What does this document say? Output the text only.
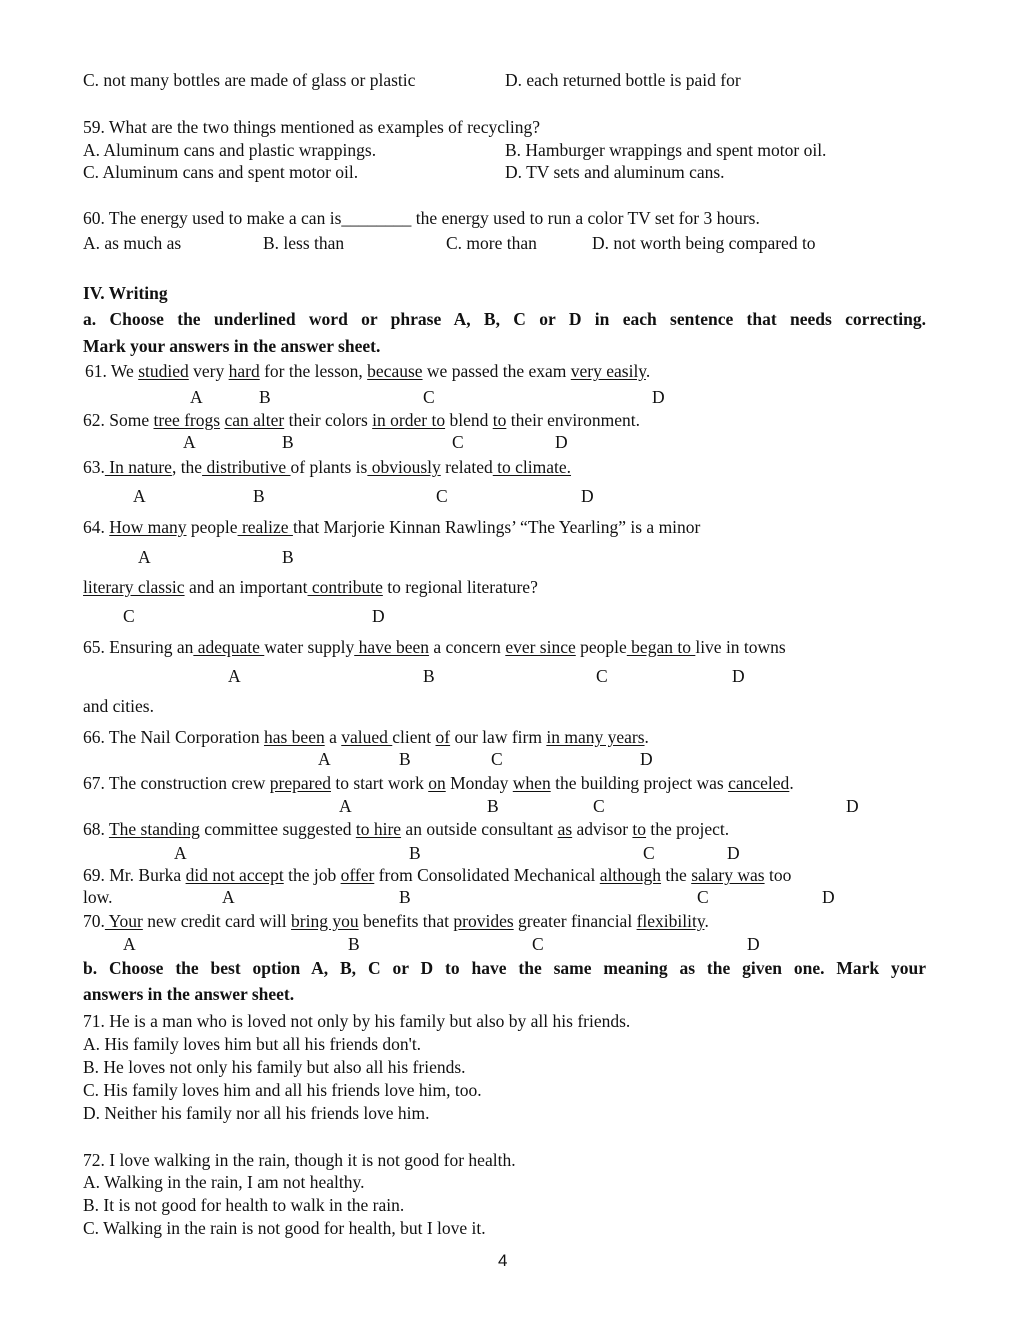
C. not many bottles are made of glass or plastic	D. each returned bottle is paid for
59. What are the two things mentioned as examples of recycling?
A. Aluminum cans and plastic wrappings.	B. Hamburger wrappings and spent motor oil.
C. Aluminum cans and spent motor oil.	D. TV sets and aluminum cans.
60. The energy used to make a can is________ the energy used to run a color TV set for 3 hours.
A. as much as	B. less than	C. more than	D. not worth being compared to
IV. Writing
a. Choose the underlined word or phrase A, B, C or D in each sentence that needs correcting.
Mark your answers in the answer sheet.
61. We studied very hard for the lesson, because we passed the exam very easily.
A	B	C	D
62. Some tree frogs can alter their colors in order to blend to their environment.
A	B	C	D
63. In nature, the distributive of plants is obviously related to climate.
A	B	C	D
64. How many people realize that Marjorie Kinnan Rawlings’ “The Yearling” is a minor
A	B
literary classic and an important contribute to regional literature?
C	D
65. Ensuring an adequate water supply have been a concern ever since people began to live in towns
A	B	C	D
and cities.
66. The Nail Corporation has been a valued client of our law firm in many years.
A	B	C	D
67. The construction crew prepared to start work on Monday when the building project was canceled.
A	B	C	D
68. The standing committee suggested to hire an outside consultant as advisor to the project.
A	B	C	D
69. Mr. Burka did not accept the job offer from Consolidated Mechanical although the salary was too
low.	A	B	C	D
70. Your new credit card will bring you benefits that provides greater financial flexibility.
A	B	C	D
b. Choose the best option A, B, C or D to have the same meaning as the given one. Mark your
answers in the answer sheet.
71. He is a man who is loved not only by his family but also by all his friends.
A. His family loves him but all his friends don't.
B. He loves not only his family but also all his friends.
C. His family loves him and all his friends love him, too.
D. Neither his family nor all his friends love him.
72. I love walking in the rain, though it is not good for health.
A. Walking in the rain, I am not healthy.
B. It is not good for health to walk in the rain.
C. Walking in the rain is not good for health, but I love it.
4
